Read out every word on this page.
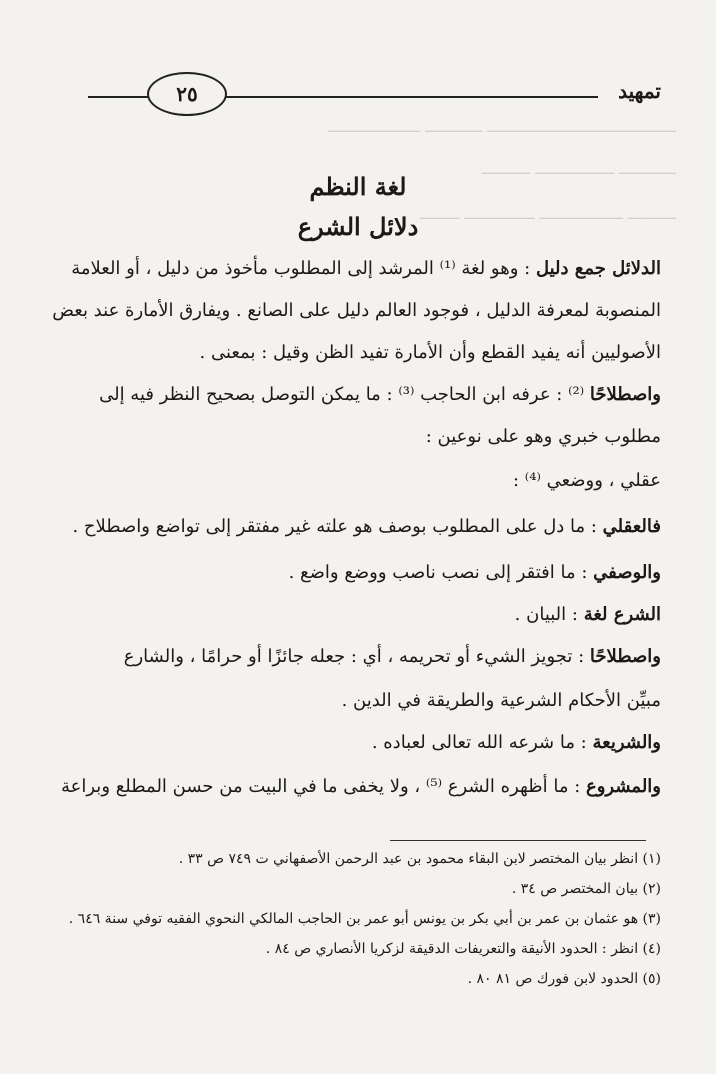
ـــــــــــــــــــــــــــــــــــــــــــ ـــــــــــــ ـــــــــــــــــــــ
ـــــــــــــ ــــــــــــــــــ ـــــــــــ
ـــــــــــ ـــــــــــــــــــ ــــــــــــــــ ـــــــــ
تمهيد
٢٥
لغة النظم
دلائل الشرع
الدلائل جمع دليل : وهو لغة ⁽¹⁾ المرشد إلى المطلوب مأخوذ من دليل ، أو العلامة
المنصوبة لمعرفة الدليل ، فوجود العالم دليل على الصانع . ويفارق الأمارة عند بعض
الأصوليين أنه يفيد القطع وأن الأمارة تفيد الظن وقيل : بمعنى .
واصطلاحًا ⁽²⁾ : عرفه ابن الحاجب ⁽³⁾ : ما يمكن التوصل بصحيح النظر فيه إلى
مطلوب خبري وهو على نوعين :
عقلي ، ووضعي ⁽⁴⁾ :
فالعقلي : ما دل على المطلوب بوصف هو علته غير مفتقر إلى تواضع واصطلاح .
والوصفي : ما افتقر إلى نصب ناصب ووضع واضع .
الشرع لغة : البيان .
واصطلاحًا : تجويز الشيء أو تحريمه ، أي : جعله جائزًا أو حرامًا ، والشارع
مبيِّن الأحكام الشرعية والطريقة في الدين .
والشريعة : ما شرعه الله تعالى لعباده .
والمشروع : ما أظهره الشرع ⁽⁵⁾ ، ولا يخفى ما في البيت من حسن المطلع وبراعة
(١) انظر بيان المختصر لابن البقاء محمود بن عبد الرحمن الأصفهاني ت ٧٤٩ ص ٣٣ .
(٢) بيان المختصر ص ٣٤ .
(٣) هو عثمان بن عمر بن أبي بكر بن يونس أبو عمر بن الحاجب المالكي النحوي الفقيه توفي سنة ٦٤٦ .
(٤) انظر : الحدود الأنيقة والتعريفات الدقيقة لزكريا الأنصاري ص ٨٤ .
(٥) الحدود لابن فورك ص ٨١ ٨٠ .
